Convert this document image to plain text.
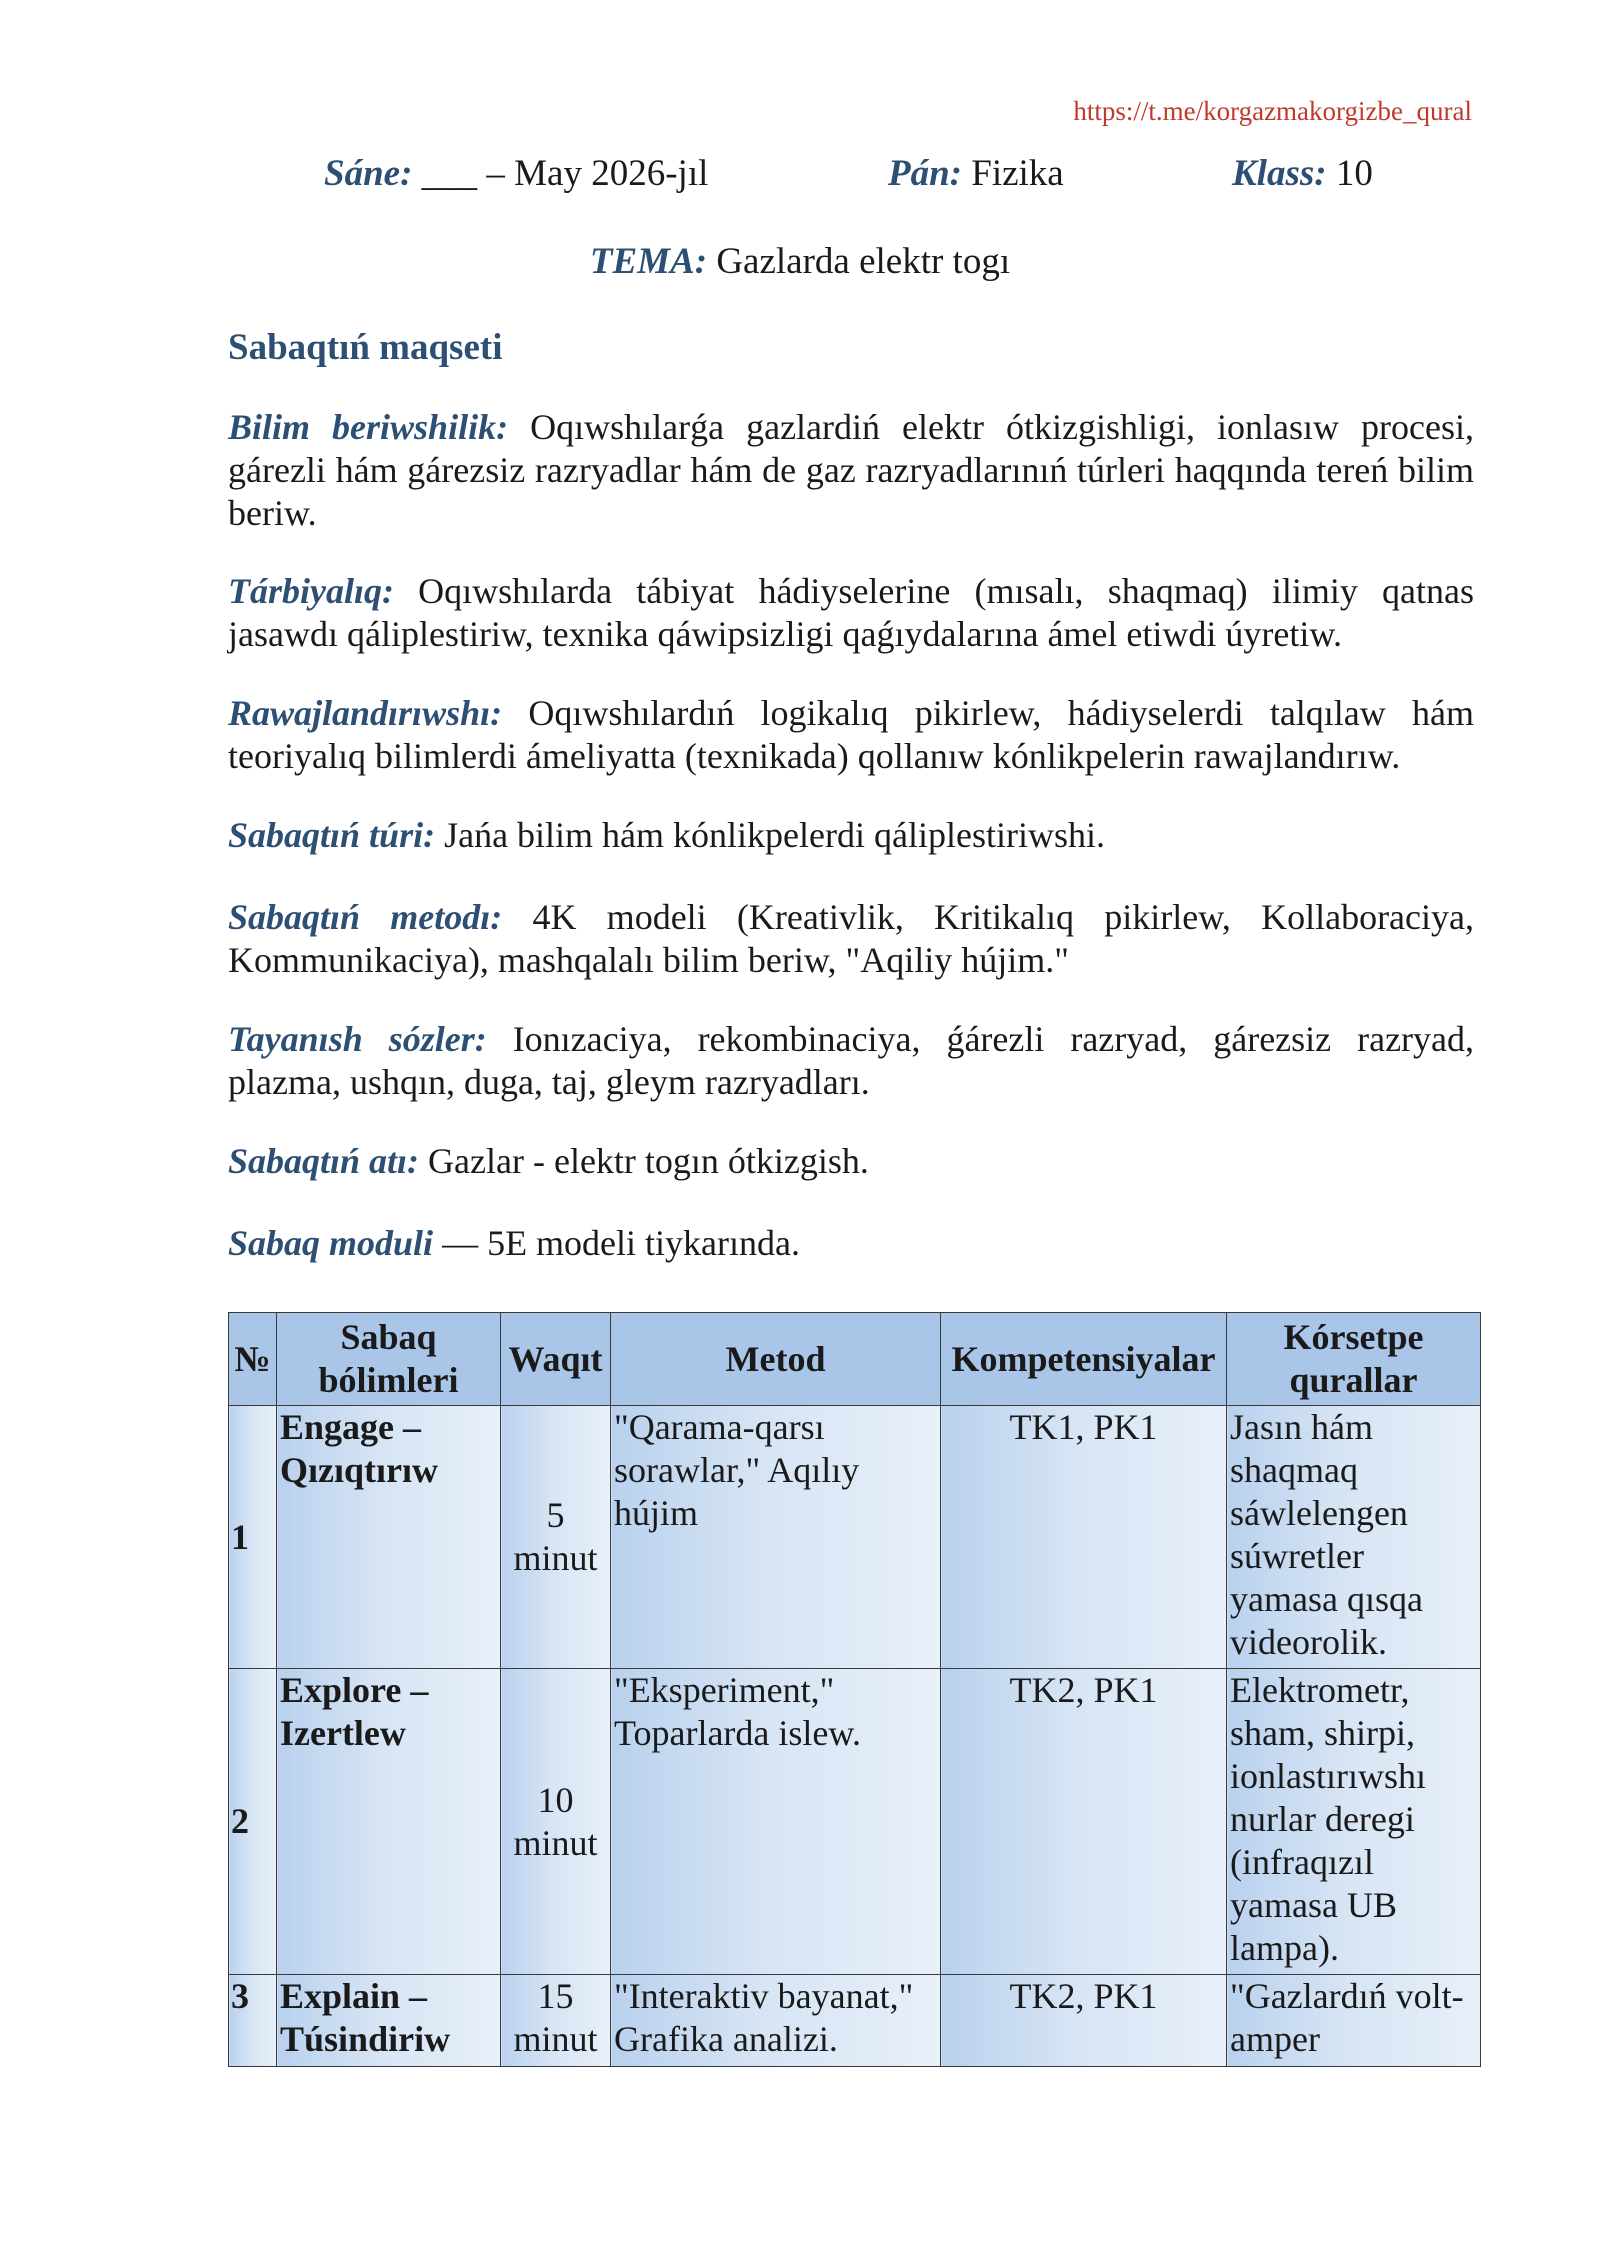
https://t.me/korgazmakorgizbe_qural
Sáne: ___ – May 2026-jıl	Pán: Fizika	Klass: 10
TEMA: Gazlarda elektr togı
Sabaqtıń maqseti
Bilim beriwshilik: Oqıwshılarǵa gazlardiń elektr ótkizgishligi, ionlasıw procesi, gárezli hám gárezsiz razryadlar hám de gaz razryadlarınıń túrleri haqqında tereń bilim beriw.
Tárbiyalıq: Oqıwshılarda tábiyat hádiyselerine (mısalı, shaqmaq) ilimiy qatnas jasawdı qáliplestiriw, texnika qáwipsizligi qaǵıydalarına ámel etiwdi úyretiw.
Rawajlandırıwshı: Oqıwshılardıń logikalıq pikirlew, hádiyselerdi talqılaw hám teoriyalıq bilimlerdi ámeliyatta (texnikada) qollanıw kónlikpelerin rawajlandırıw.
Sabaqtıń túri: Jańa bilim hám kónlikpelerdi qáliplestiriwshi.
Sabaqtıń metodı: 4K modeli (Kreativlik, Kritikalıq pikirlew, Kollaboraciya, Kommunikaciya), mashqalalı bilim beriw, "Aqiliy hújim."
Tayanısh sózler: Ionızaciya, rekombinaciya, ǵárezli razryad, gárezsiz razryad, plazma, ushqın, duga, taj, gleym razryadları.
Sabaqtıń atı: Gazlar - elektr togın ótkizgish.
Sabaq moduli — 5E modeli tiykarında.
№	Sabaq bólimleri	Waqıt	Metod	Kompetensiyalar	Kórsetpe qurallar
1	Engage – Qızıqtırıw	5 minut	"Qarama-qarsı sorawlar," Aqılıy hújim	TK1, PK1	Jasın hám shaqmaq sáwlelengen súwretler yamasa qısqa videorolik.
2	Explore – Izertlew	10 minut	"Eksperiment," Toparlarda islew.	TK2, PK1	Elektrometr, sham, shirpi, ionlastırıwshı nurlar deregi (infraqızıl yamasa UB lampa).
3	Explain – Túsindiriw	15 minut	"Interaktiv bayanat," Grafika analizi.	TK2, PK1	"Gazlardıń volt-amper
